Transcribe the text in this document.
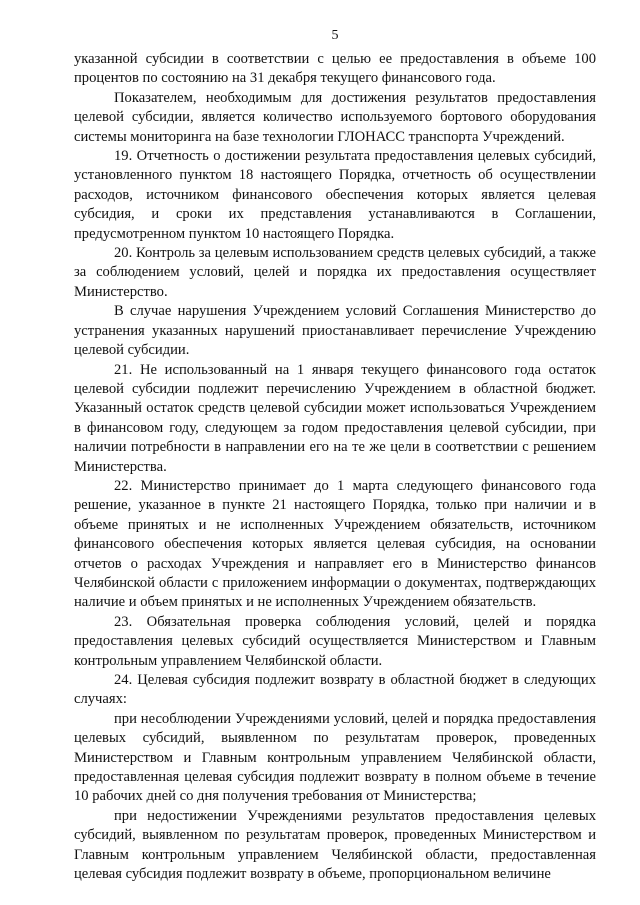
5

указанной субсидии в соответствии с целью ее предоставления в объеме 100 процентов по состоянию на 31 декабря текущего финансового года.

Показателем, необходимым для достижения результатов предоставления целевой субсидии, является количество используемого бортового оборудования системы мониторинга на базе технологии ГЛОНАСС транспорта Учреждений.

19. Отчетность о достижении результата предоставления целевых субсидий, установленного пунктом 18 настоящего Порядка, отчетность об осуществлении расходов, источником финансового обеспечения которых является целевая субсидия, и сроки их представления устанавливаются в Соглашении, предусмотренном пунктом 10 настоящего Порядка.

20. Контроль за целевым использованием средств целевых субсидий, а также за соблюдением условий, целей и порядка их предоставления осуществляет Министерство.

В случае нарушения Учреждением условий Соглашения Министерство до устранения указанных нарушений приостанавливает перечисление Учреждению целевой субсидии.

21. Не использованный на 1 января текущего финансового года остаток целевой субсидии подлежит перечислению Учреждением в областной бюджет. Указанный остаток средств целевой субсидии может использоваться Учреждением в финансовом году, следующем за годом предоставления целевой субсидии, при наличии потребности в направлении его на те же цели в соответствии с решением Министерства.

22. Министерство принимает до 1 марта следующего финансового года решение, указанное в пункте 21 настоящего Порядка, только при наличии и в объеме принятых и не исполненных Учреждением обязательств, источником финансового обеспечения которых является целевая субсидия, на основании отчетов о расходах Учреждения и направляет его в Министерство финансов Челябинской области с приложением информации о документах, подтверждающих наличие и объем принятых и не исполненных Учреждением обязательств.

23. Обязательная проверка соблюдения условий, целей и порядка предоставления целевых субсидий осуществляется Министерством и Главным контрольным управлением Челябинской области.

24. Целевая субсидия подлежит возврату в областной бюджет в следующих случаях:

при несоблюдении Учреждениями условий, целей и порядка предоставления целевых субсидий, выявленном по результатам проверок, проведенных Министерством и Главным контрольным управлением Челябинской области, предоставленная целевая субсидия подлежит возврату в полном объеме в течение 10 рабочих дней со дня получения требования от Министерства;

при недостижении Учреждениями результатов предоставления целевых субсидий, выявленном по результатам проверок, проведенных Министерством и Главным контрольным управлением Челябинской области, предоставленная целевая субсидия подлежит возврату в объеме, пропорциональном величине
